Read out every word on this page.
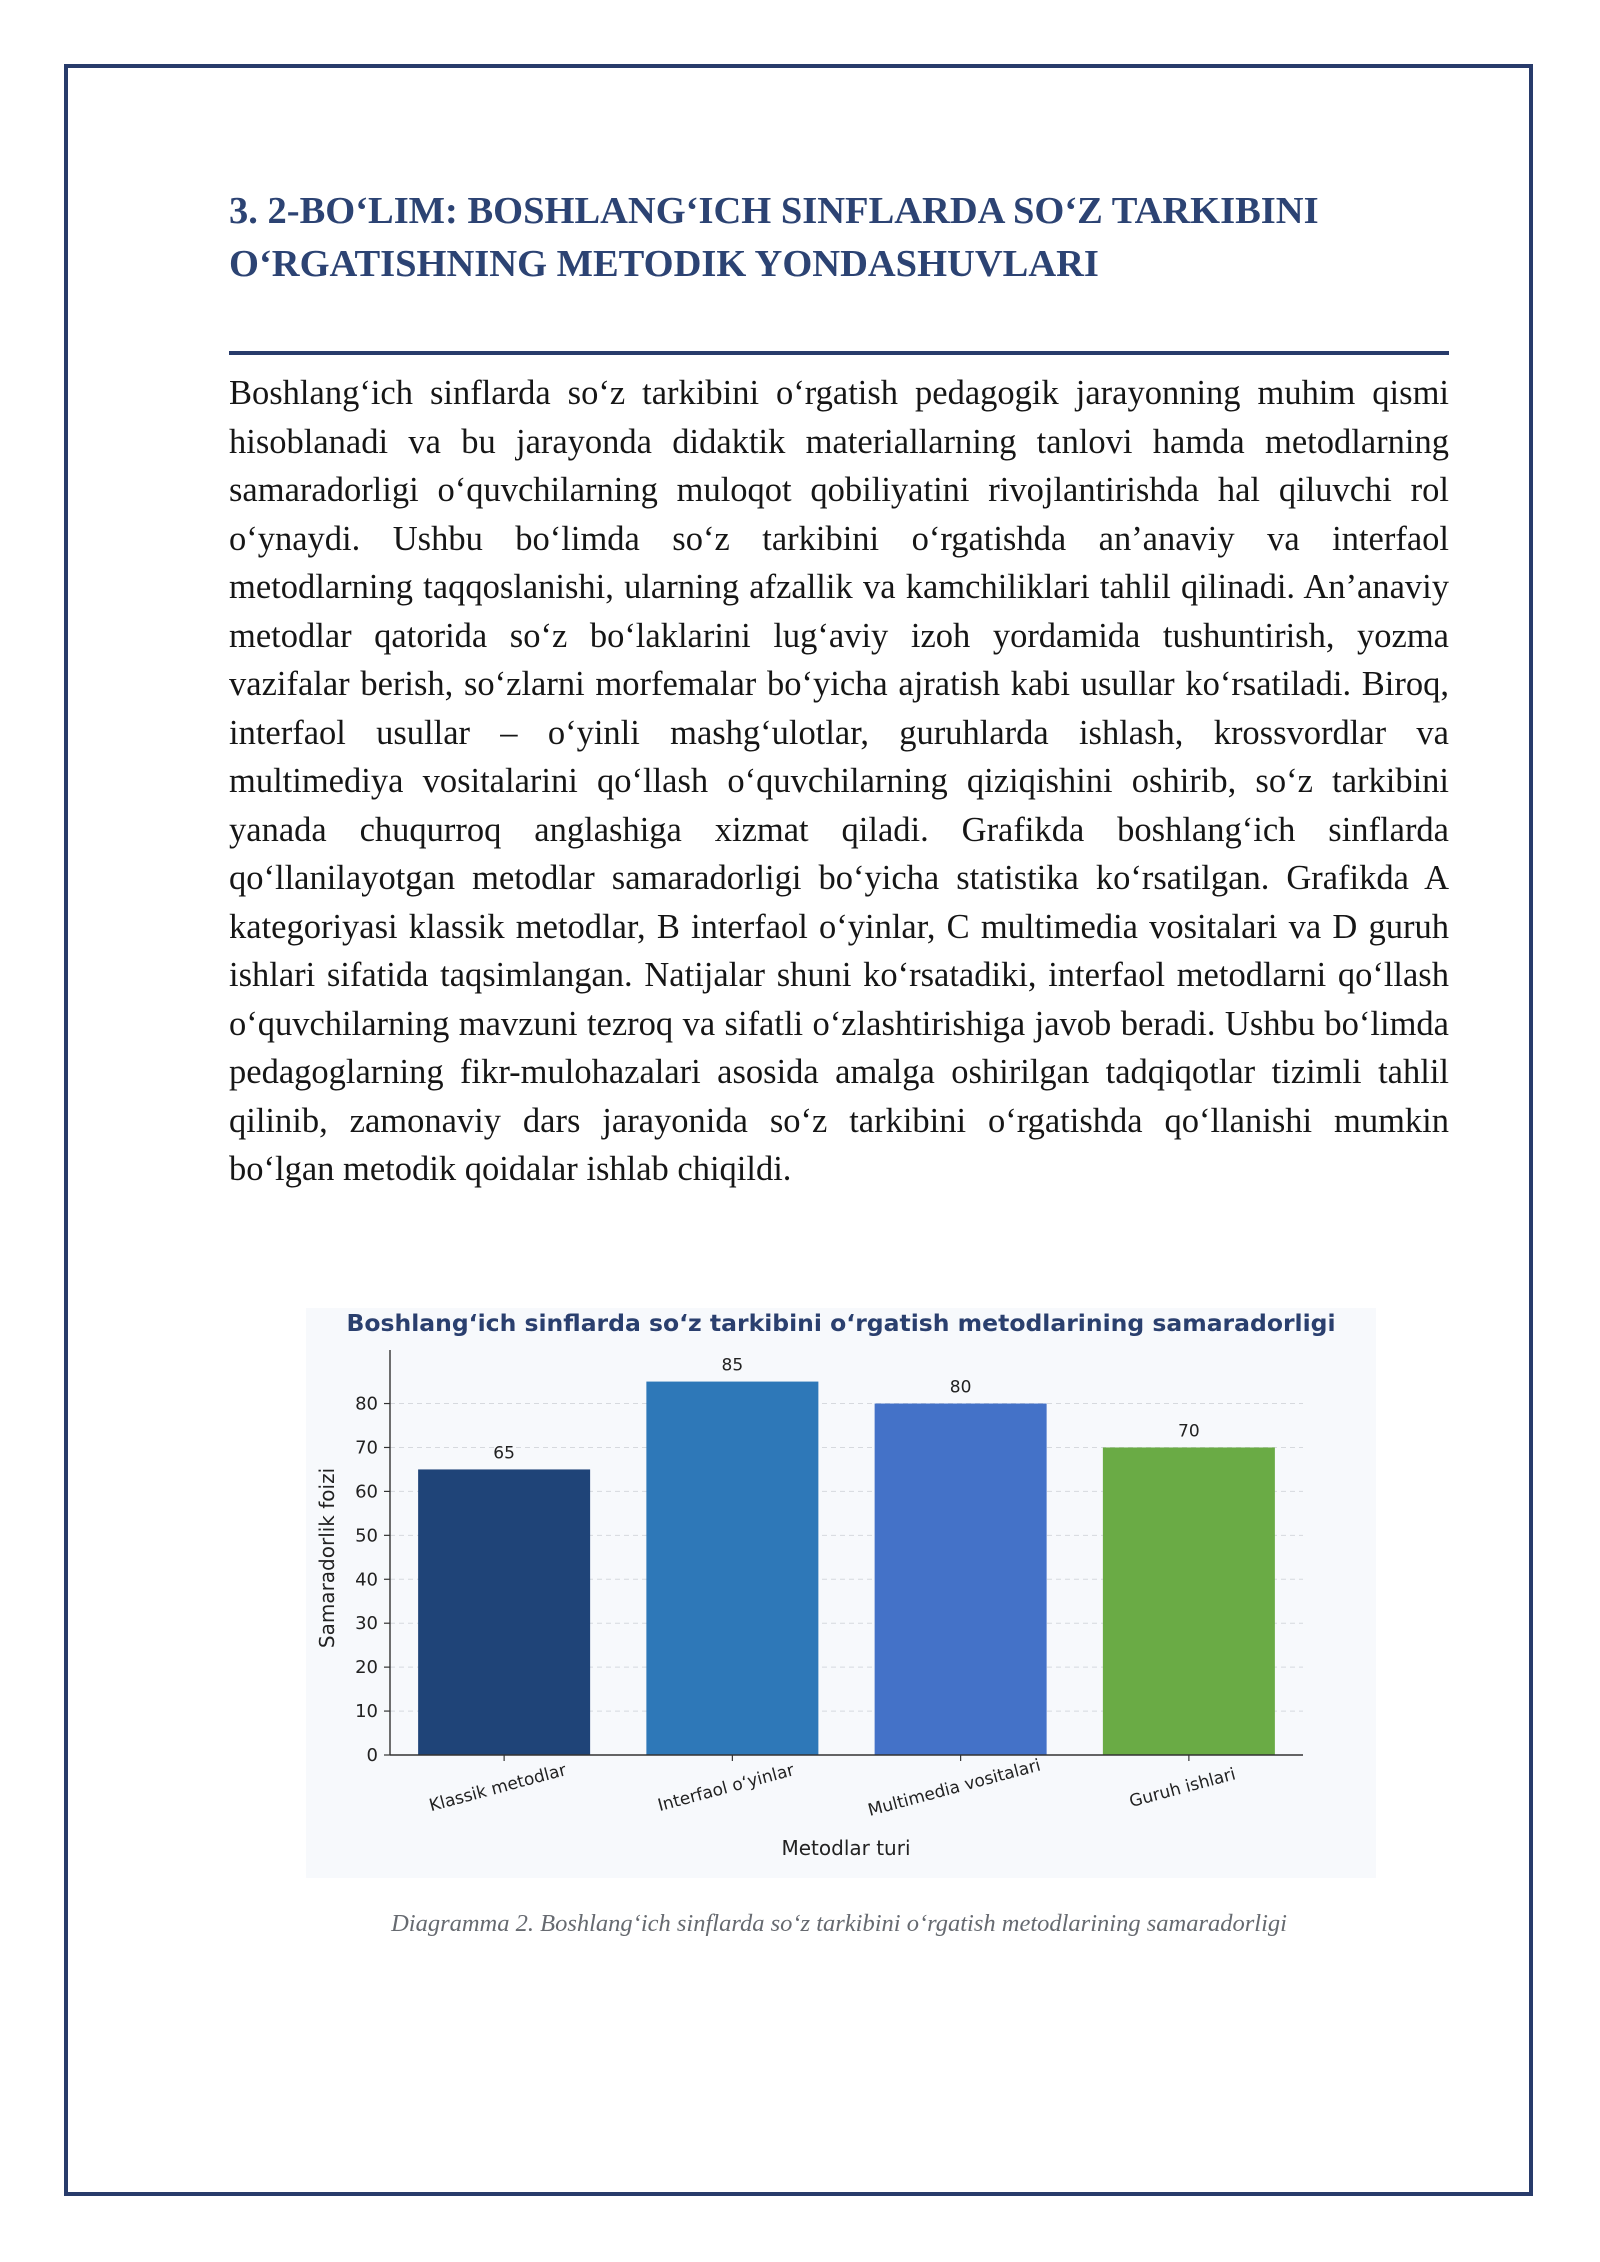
3. 2-BO‘LIM: BOSHLANG‘ICH SINFLARDA SO‘Z TARKIBINI O‘RGATISHNING METODIK YONDASHUVLARI

Boshlang‘ich sinflarda so‘z tarkibini o‘rgatish pedagogik jarayonning muhim qismi hisoblanadi va bu jarayonda didaktik materiallarning tanlovi hamda metodlarning samaradorligi o‘quvchilarning muloqot qobiliyatini rivojlantirishda hal qiluvchi rol o‘ynaydi. Ushbu bo‘limda so‘z tarkibini o‘rgatishda an’anaviy va interfaol metodlarning taqqoslanishi, ularning afzallik va kamchiliklari tahlil qilinadi. An’anaviy metodlar qatorida so‘z bo‘laklarini lug‘aviy izoh yordamida tushuntirish, yozma vazifalar berish, so‘zlarni morfemalar bo‘yicha ajratish kabi usullar ko‘rsatiladi. Biroq, interfaol usullar – o‘yinli mashg‘ulotlar, guruhlarda ishlash, krossvordlar va multimediya vositalarini qo‘llash o‘quvchilarning qiziqishini oshirib, so‘z tarkibini yanada chuqurroq anglashiga xizmat qiladi. Grafikda boshlang‘ich sinflarda qo‘llanilayotgan metodlar samaradorligi bo‘yicha statistika ko‘rsatilgan. Grafikda A kategoriyasi klassik metodlar, B interfaol o‘yinlar, C multimedia vositalari va D guruh ishlari sifatida taqsimlangan. Natijalar shuni ko‘rsatadiki, interfaol metodlarni qo‘llash o‘quvchilarning mavzuni tezroq va sifatli o‘zlashtirishiga javob beradi. Ushbu bo‘limda pedagoglarning fikr-mulohazalari asosida amalga oshirilgan tadqiqotlar tizimli tahlil qilinib, zamonaviy dars jarayonida so‘z tarkibini o‘rgatishda qo‘llanishi mumkin bo‘lgan metodik qoidalar ishlab chiqildi.

Boshlang‘ich sinflarda so‘z tarkibini o‘rgatish metodlarining samaradorligi
0
10
20
30
40
50
60
70
80
65
Klassik metodlar
85
Interfaol o‘yinlar
80
Multimedia vositalari
70
Guruh ishlari
Metodlar turi
Samaradorlik foizi

Diagramma 2. Boshlang‘ich sinflarda so‘z tarkibini o‘rgatish metodlarining samaradorligi
